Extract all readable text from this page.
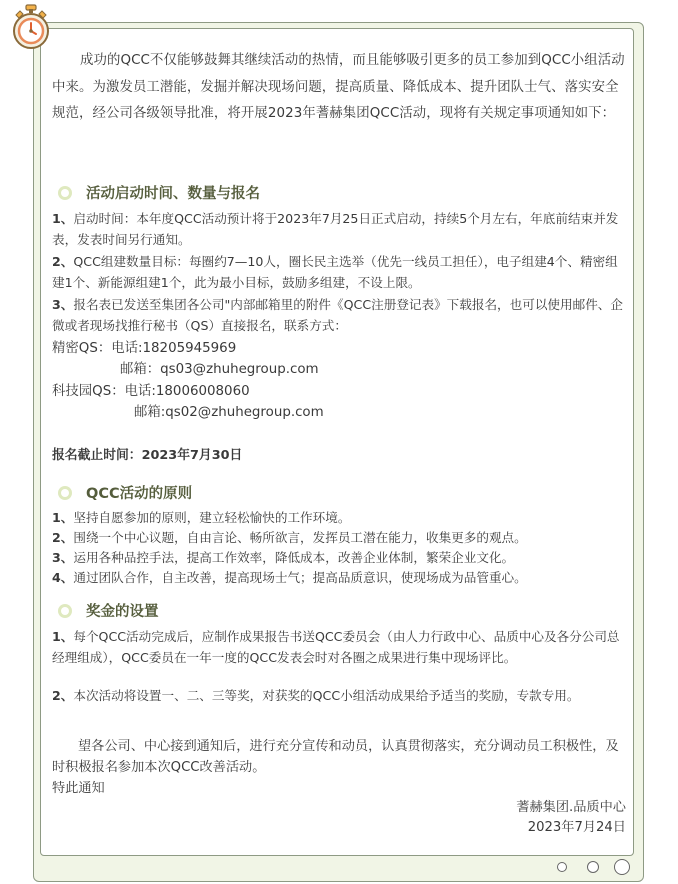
成功的QCC不仅能够鼓舞其继续活动的热情，而且能够吸引更多的员工参加到QCC小组活动中来。为激发员工潜能，发掘并解决现场问题，提高质量、降低成本、提升团队士气、落实安全规范，经公司各级领导批准，将开展2023年蓍赫集团QCC活动，现将有关规定事项通知如下：
活动启动时间、数量与报名
1、启动时间：本年度QCC活动预计将于2023年7月25日正式启动，持续5个月左右，年底前结束并发表，发表时间另行通知。
2、QCC组建数量目标：每圈约7—10人，圈长民主选举（优先一线员工担任），电子组建4个、精密组建1个、新能源组建1个，此为最小目标，鼓励多组建，不设上限。
3、报名表已发送至集团各公司"内部邮箱里的附件《QCC注册登记表》下载报名，也可以使用邮件、企微或者现场找推行秘书（QS）直接报名，联系方式：
精密QS：电话:18205945969
邮箱：qs03@zhuhegroup.com
科技园QS：电话:18006008060
邮箱:qs02@zhuhegroup.com
报名截止时间：2023年7月30日
QCC活动的原则
1、坚持自愿参加的原则，建立轻松愉快的工作环境。
2、围绕一个中心议题，自由言论、畅所欲言，发挥员工潜在能力，收集更多的观点。
3、运用各种品控手法，提高工作效率，降低成本，改善企业体制，繁荣企业文化。
4、通过团队合作，自主改善，提高现场士气；提高品质意识，使现场成为品管重心。
奖金的设置
1、每个QCC活动完成后，应制作成果报告书送QCC委员会（由人力行政中心、品质中心及各分公司总经理组成），QCC委员在一年一度的QCC发表会时对各圈之成果进行集中现场评比。
2、本次活动将设置一、二、三等奖，对获奖的QCC小组活动成果给予适当的奖励，专款专用。
望各公司、中心接到通知后，进行充分宣传和动员，认真贯彻落实，充分调动员工积极性，及时积极报名参加本次QCC改善活动。
特此通知
蓍赫集团.品质中心
2023年7月24日
